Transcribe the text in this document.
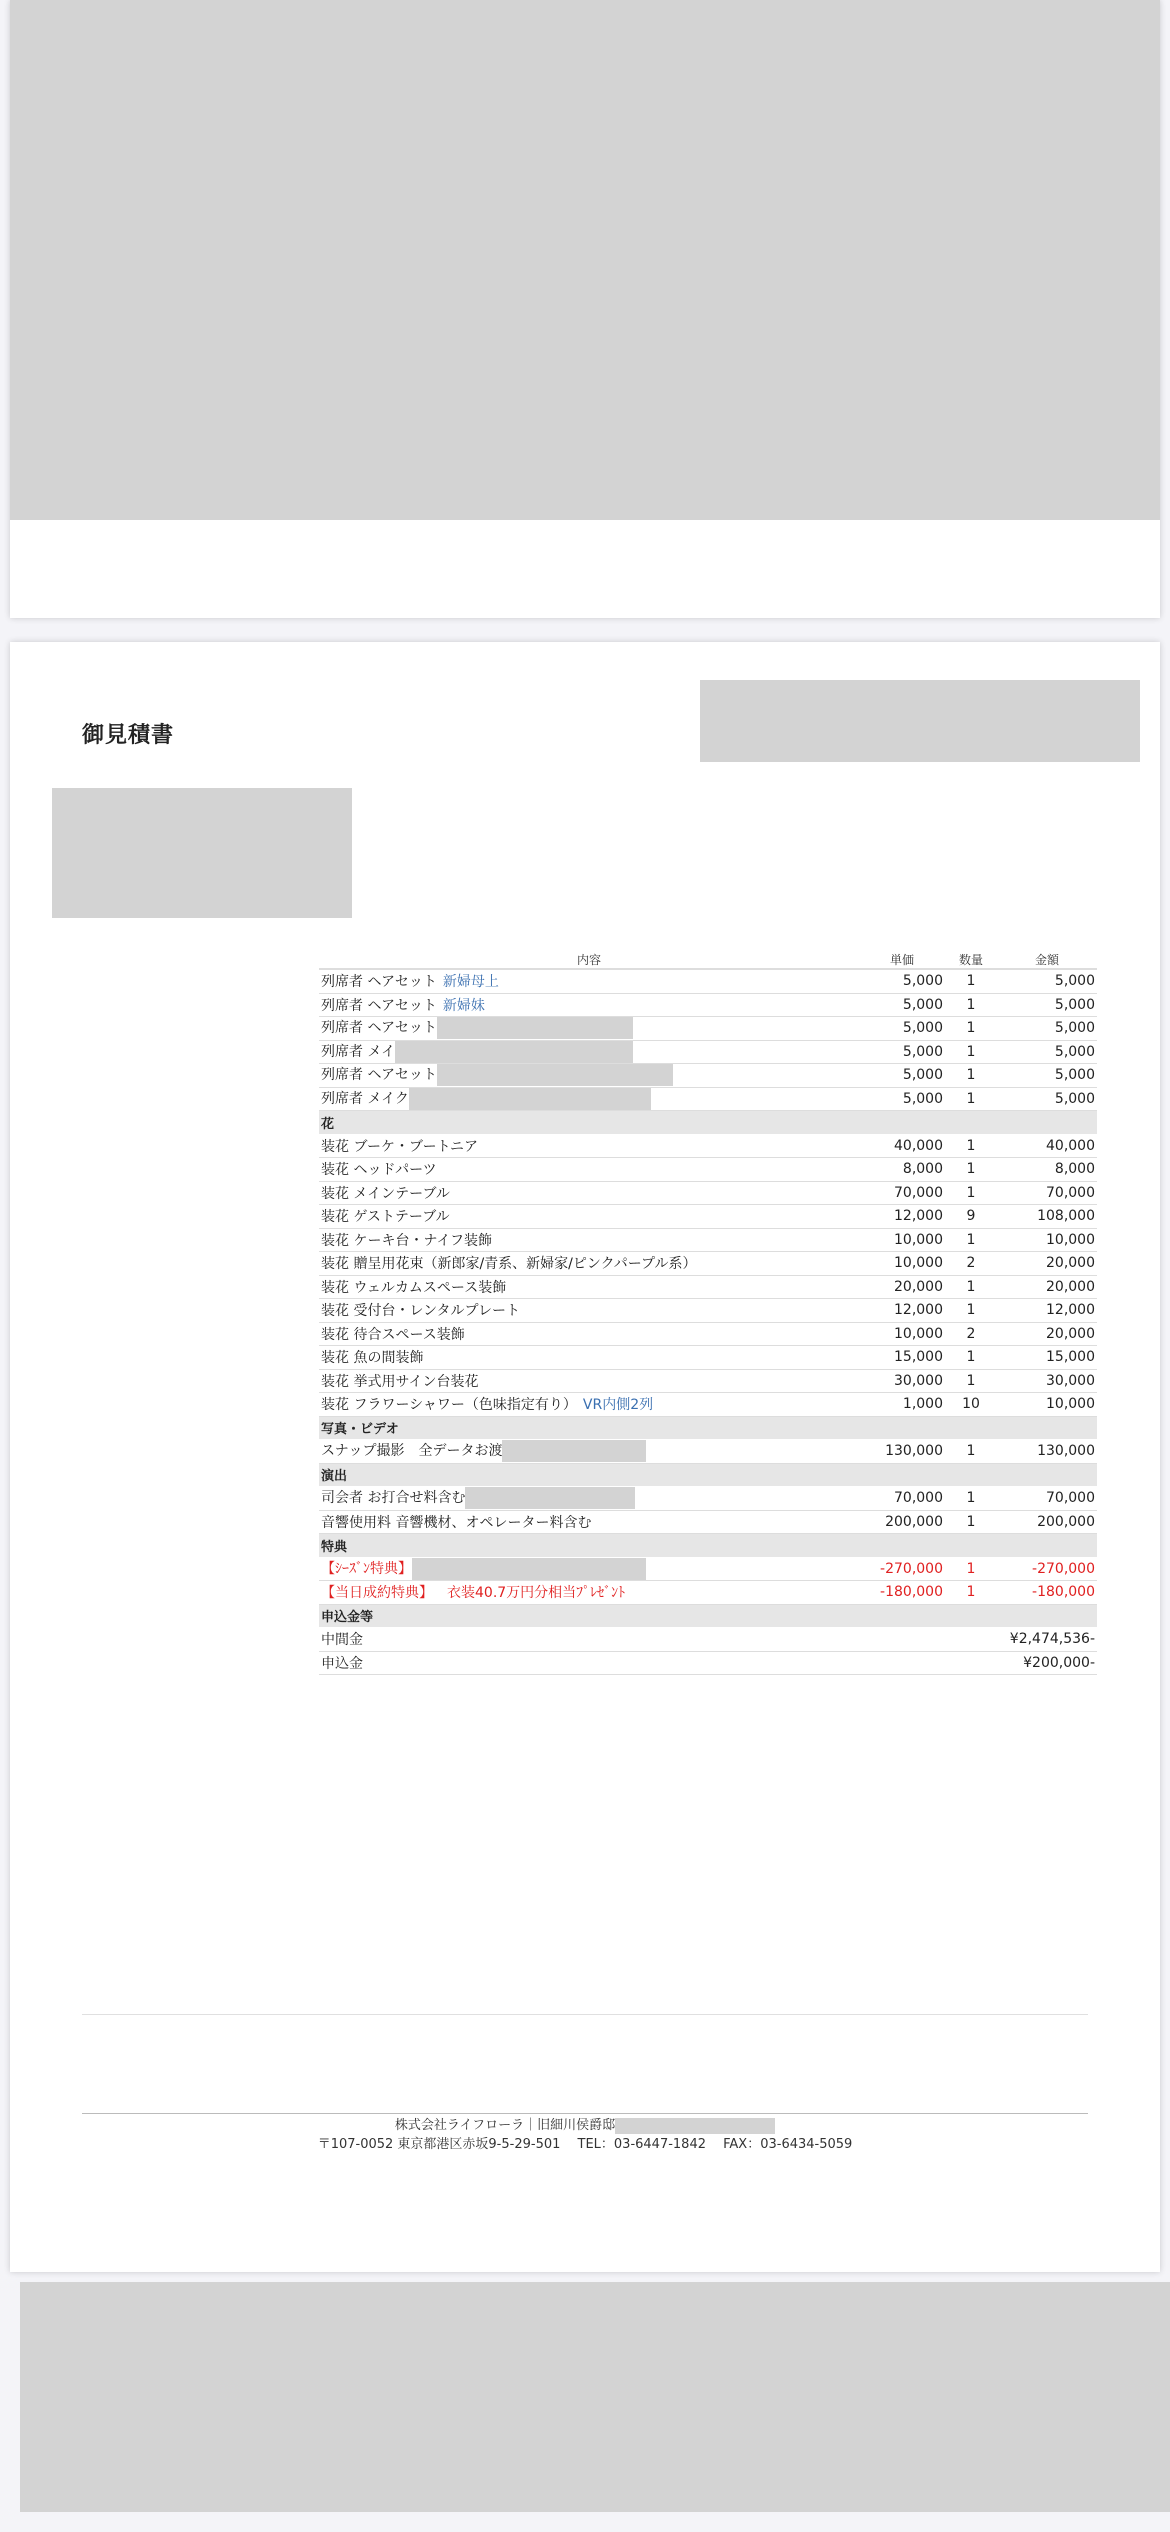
御見積書
内容	単価	数量	金額
列席者 ヘアセット 新婦母上	5,000	1	5,000
列席者 ヘアセット 新婦妹	5,000	1	5,000
列席者 ヘアセット	5,000	1	5,000
列席者 メイ	5,000	1	5,000
列席者 ヘアセット	5,000	1	5,000
列席者 メイク	5,000	1	5,000
花			
装花 ブーケ・ブートニア	40,000	1	40,000
装花 ヘッドパーツ	8,000	1	8,000
装花 メインテーブル	70,000	1	70,000
装花 ゲストテーブル	12,000	9	108,000
装花 ケーキ台・ナイフ装飾	10,000	1	10,000
装花 贈呈用花束（新郎家/青系、新婦家/ピンクパープル系）	10,000	2	20,000
装花 ウェルカムスペース装飾	20,000	1	20,000
装花 受付台・レンタルプレート	12,000	1	12,000
装花 待合スペース装飾	10,000	2	20,000
装花 魚の間装飾	15,000	1	15,000
装花 挙式用サイン台装花	30,000	1	30,000
装花 フラワーシャワー（色味指定有り） VR内側2列	1,000	10	10,000
写真・ビデオ			
スナップ撮影　全データお渡	130,000	1	130,000
演出			
司会者 お打合せ料含む	70,000	1	70,000
音響使用料 音響機材、オペレーター料含む	200,000	1	200,000
特典			
【ｼｰｽﾞﾝ特典】	-270,000	1	-270,000
【当日成約特典】 衣装40.7万円分相当ﾌﾟﾚｾﾞﾝﾄ	-180,000	1	-180,000
申込金等			
中間金			¥2,474,536-
申込金			¥200,000-
株式会社ライフローラ｜旧細川侯爵邸
〒107-0052 東京都港区赤坂9-5-29-501　 TEL：03-6447-1842　 FAX：03-6434-5059
